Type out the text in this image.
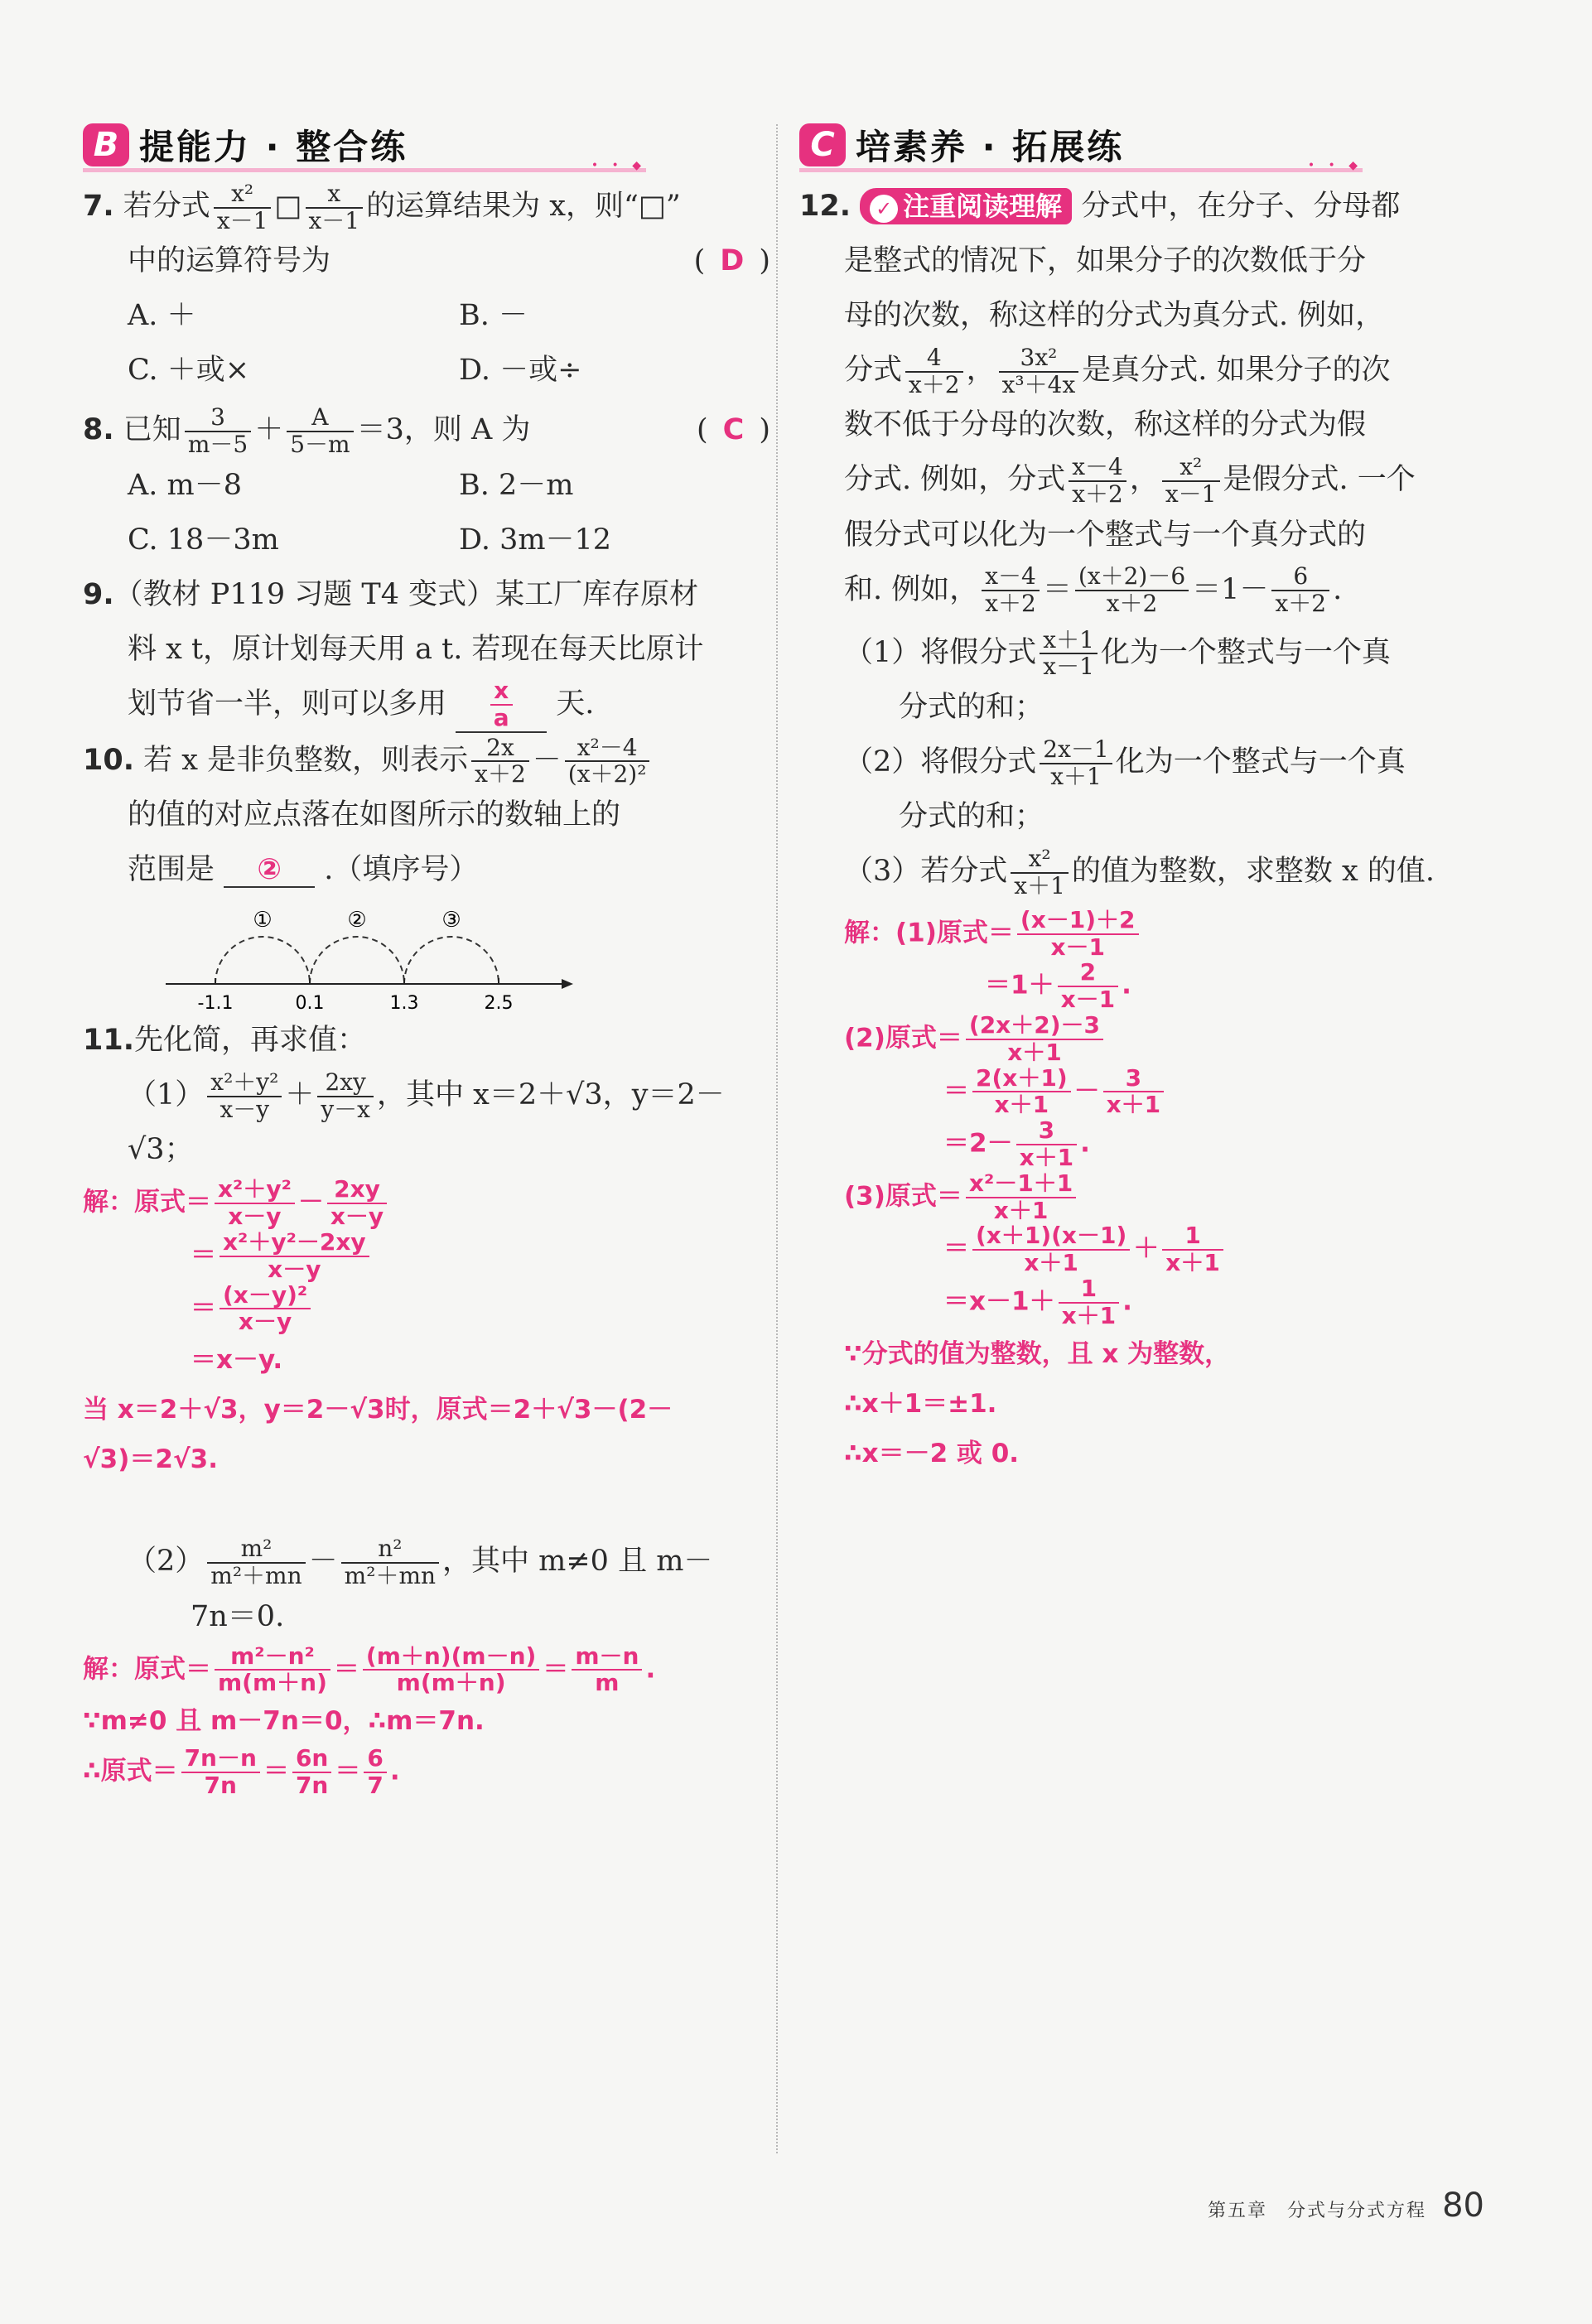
B 提能力 · 整合练	• • ◆
7. 若分式 $\frac{\text{x²}}{x-1}$ □ $\frac{x}{x-1}$ 的运算结果为 x，则“□”
中的运算符号为	( D )
A. ＋	B. －
C. ＋或×	D. －或÷
8. 已知 $\frac{3}{m-5} + \frac{A}{5-m} =3$，则 A 为	( C )
A. m－8	B. 2－m
C. 18－3m	D. 3m－12
9.（教材 P119 习题 T4 变式）某工厂库存原材
料 x t，原计划每天用 a t. 若现在每天比原计
划节省一半，则可以多用 $\frac{x}{a}$ 天.
10. 若 x 是非负整数，则表示 $\frac{2x}{x+2} - \frac{\text{x²－4}}{\text{(x＋2)²}}$
的值的对应点落在如图所示的数轴上的
范围是 ② .（填序号）
①	②	③
-1.1	0.1	1.3	2.5
11.先化简，再求值：
$(1) \frac{\text{x²＋y²}}{x-y} + \frac{2xy}{y-x}$ ，其中 x＝2＋√3，y＝2－√3；
解：原式＝ $\frac{\text{x²＋y²}}{x-y} - \frac{2xy}{x-y}$
＝ $\frac{\text{x²＋y²－2xy}}{x-y}$
＝ $\frac{\text{(x－y)²}}{x-y}$
＝x－y.
当 x＝2＋√3，y＝2－√3时，原式＝2＋√3－(2－
√3)＝2√3.
$(2) \frac{\text{m²}}{\text{m²＋mn}} - \frac{\text{n²}}{\text{m²＋mn}}$ ，其中 m≠0 且 m－
7n＝0.
解：原式＝ $\frac{\text{m²－n²}}{m(m+n)} = \frac{(m+n)(m-n)}{m(m+n)} = \frac{m-n}{m}$ .
∵m≠0 且 m－7n＝0，∴m＝7n.
∴原式＝ $\frac{7n-n}{7n} = \frac{6n}{7n} = \frac{6}{7}$ .
C 培素养 · 拓展练	• • ◆
12. ✓ 注重阅读理解 分式中，在分子、分母都
是整式的情况下，如果分子的次数低于分
母的次数，称这样的分式为真分式. 例如，
分式 $\frac{4}{x+2}$ ， $\frac{\text{3x²}}{\text{x³＋4x}}$ 是真分式. 如果分子的次
数不低于分母的次数，称这样的分式为假
分式. 例如，分式 $\frac{x-4}{x+2}$ ， $\frac{\text{x²}}{x-1}$ 是假分式. 一个
假分式可以化为一个整式与一个真分式的
和. 例如， $\frac{x-4}{x+2} = \frac{(x+2)-6}{x+2} =1- \frac{6}{x+2}$ .
（1）将假分式 $\frac{x+1}{x-1}$ 化为一个整式与一个真
分式的和；
（2）将假分式 $\frac{2x-1}{x+1}$ 化为一个整式与一个真
分式的和；
（3）若分式 $\frac{\text{x²}}{x+1}$ 的值为整数，求整数 x 的值.
解：(1)原式＝ $\frac{(x-1)+2}{x-1}$
$=1+ \frac{2}{x-1}$ .
(2)原式＝ $\frac{(2x+2)-3}{x+1}$
＝ $\frac{2(x+1)}{x+1} - \frac{3}{x+1}$
$=2- \frac{3}{x+1}$ .
(3)原式＝ $\frac{\text{x²－1＋1}}{x+1}$
＝ $\frac{(x+1)(x-1)}{x+1} + \frac{1}{x+1}$
$=x-1+ \frac{1}{x+1}$ .
∵分式的值为整数，且 x 为整数，
∴x＋1＝±1.
∴x＝－2 或 0.
第五章　分式与分式方程 80
